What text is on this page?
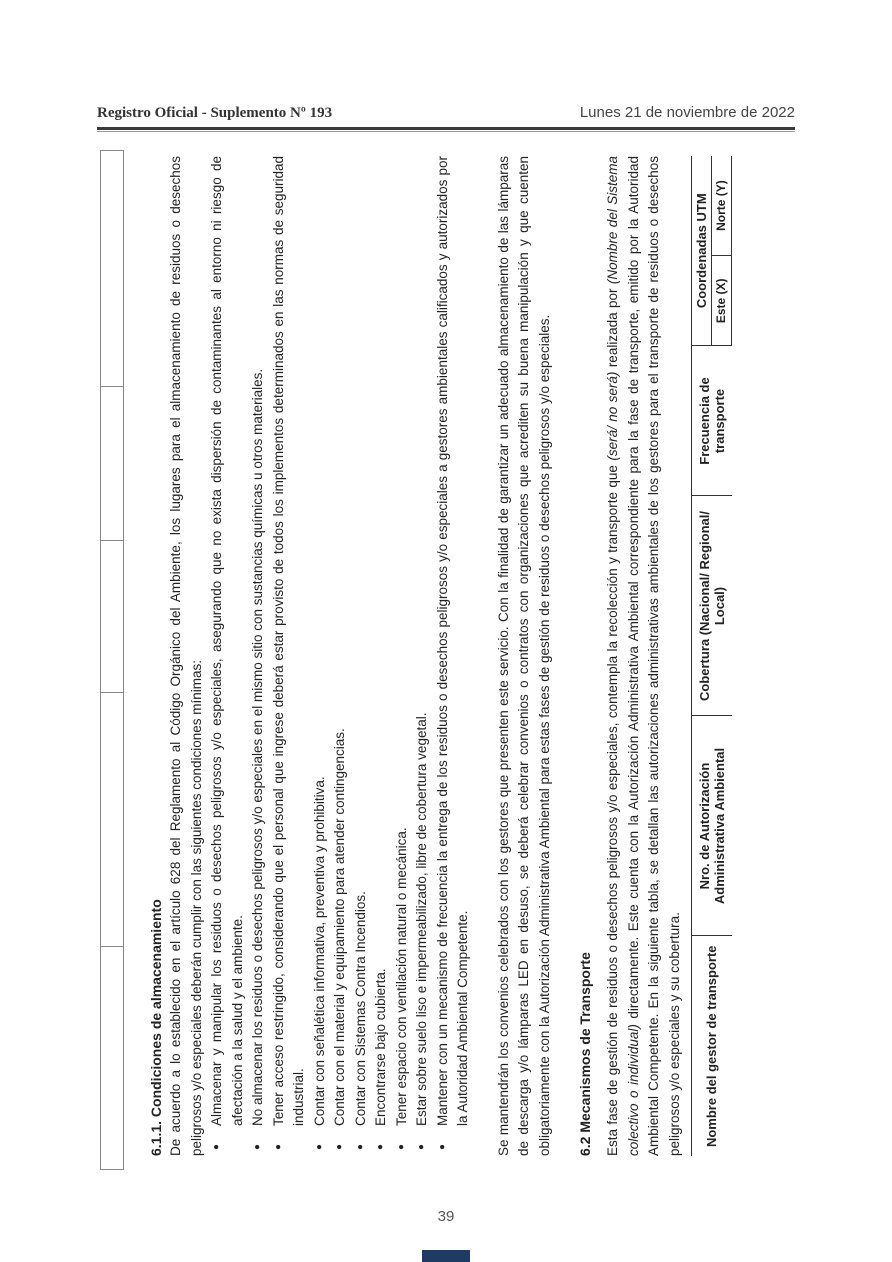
Registro Oficial - Suplemento Nº 193	Lunes 21 de noviembre de 2022
6.1.1. Condiciones de almacenamiento De acuerdo a lo establecido en el artículo 628 del Reglamento al Código Orgánico del Ambiente, los lugares para el almacenamiento de residuos o desechos peligrosos y/o especiales deberán cumplir con las siguientes condiciones mínimas: ● Almacenar y manipular los residuos o desechos peligrosos y/o especiales, asegurando que no exista dispersión de contaminantes al entorno ni riesgo de afectación a la salud y el ambiente. ● No almacenar los residuos o desechos peligrosos y/o especiales en el mismo sitio con sustancias químicas u otros materiales. ● Tener acceso restringido, considerando que el personal que ingrese deberá estar provisto de todos los implementos determinados en las normas de seguridad industrial. ● Contar con señalética informativa, preventiva y prohibitiva. ● Contar con el material y equipamiento para atender contingencias. ● Contar con Sistemas Contra Incendios. ● Encontrarse bajo cubierta. ● Tener espacio con ventilación natural o mecánica. ● Estar sobre suelo liso e impermeabilizado, libre de cobertura vegetal. ● Mantener con un mecanismo de frecuencia la entrega de los residuos o desechos peligrosos y/o especiales a gestores ambientales calificados y autorizados por la Autoridad Ambiental Competente. Se mantendrán los convenios celebrados con los gestores que presenten este servicio. Con la finalidad de garantizar un adecuado almacenamiento de las lámparas de descarga y/o lámparas LED en desuso, se deberá celebrar convenios o contratos con organizaciones que acrediten su buena manipulación y que cuenten obligatoriamente con la Autorización Administrativa Ambiental para estas fases de gestión de residuos o desechos peligrosos y/o especiales. 6.2 Mecanismos de Transporte Esta fase de gestión de residuos o desechos peligrosos y/o especiales, contempla la recolección y transporte que (será/ no será) realizada por (Nombre del Sistema colectivo o individual) directamente. Este cuenta con la Autorización Administrativa Ambiental correspondiente para la fase de transporte, emitido por la Autoridad Ambiental Competente. En la siguiente tabla, se detallan las autorizaciones administrativas ambientales de los gestores para el transporte de residuos o desechos peligrosos y/o especiales y su cobertura. Nombre del gestor de transporte	Nro. de Autorización Administrativa Ambiental	Cobertura (Nacional/ Regional/ Local)	Frecuencia de transporte	Coordenadas UTM	
				Este (X)	Norte (Y)
39
